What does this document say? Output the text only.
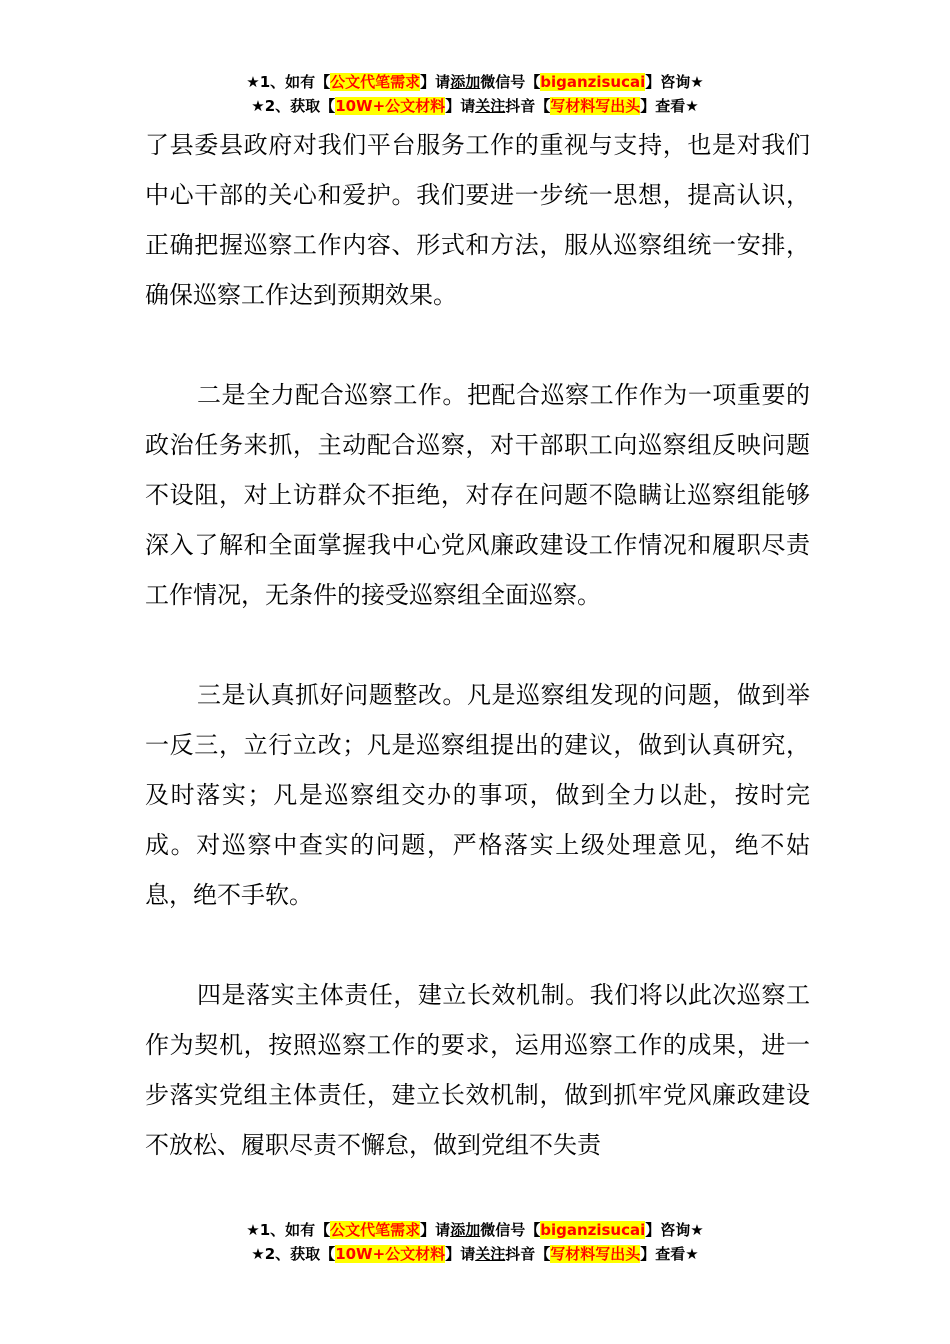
★1、如有【公文代笔需求】请添加微信号【biganzisucai】咨询★
★2、获取【10W+公文材料】请关注抖音【写材料写出头】查看★

了县委县政府对我们平台服务工作的重视与支持，也是对我们中心干部的关心和爱护。我们要进一步统一思想，提高认识，正确把握巡察工作内容、形式和方法，服从巡察组统一安排，确保巡察工作达到预期效果。

二是全力配合巡察工作。把配合巡察工作作为一项重要的政治任务来抓，主动配合巡察，对干部职工向巡察组反映问题不设阻，对上访群众不拒绝，对存在问题不隐瞒让巡察组能够深入了解和全面掌握我中心党风廉政建设工作情况和履职尽责工作情况，无条件的接受巡察组全面巡察。

三是认真抓好问题整改。凡是巡察组发现的问题，做到举一反三，立行立改；凡是巡察组提出的建议，做到认真研究，及时落实；凡是巡察组交办的事项，做到全力以赴，按时完成。对巡察中查实的问题，严格落实上级处理意见，绝不姑息，绝不手软。

四是落实主体责任，建立长效机制。我们将以此次巡察工作为契机，按照巡察工作的要求，运用巡察工作的成果，进一步落实党组主体责任，建立长效机制，做到抓牢党风廉政建设不放松、履职尽责不懈怠，做到党组不失责

★1、如有【公文代笔需求】请添加微信号【biganzisucai】咨询★
★2、获取【10W+公文材料】请关注抖音【写材料写出头】查看★
